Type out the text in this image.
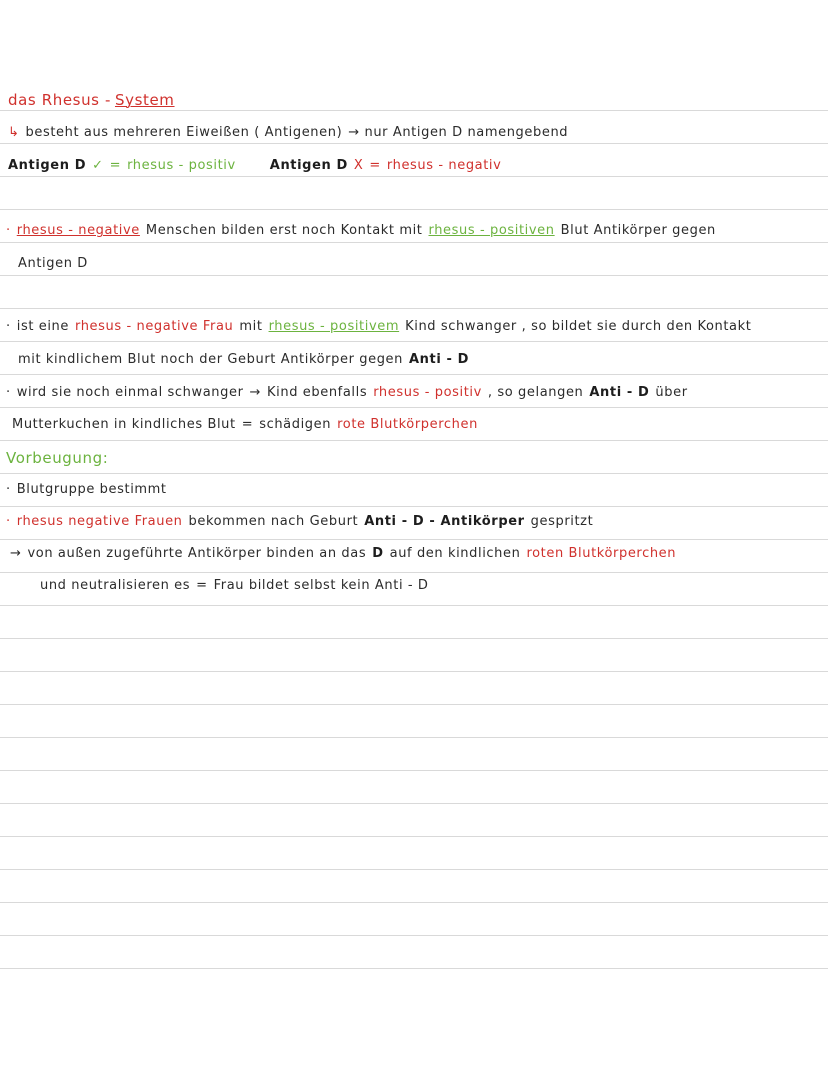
das Rhesus - System
↳ besteht aus mehreren Eiweißen ( Antigenen) → nur Antigen D namengebend
Antigen D ✓ = rhesus - positiv	Antigen D X = rhesus - negativ
· rhesus - negative Menschen bilden erst noch Kontakt mit rhesus - positiven Blut Antikörper gegen
Antigen D
· ist eine rhesus - negative Frau mit rhesus - positivem Kind schwanger , so bildet sie durch den Kontakt
mit kindlichem Blut noch der Geburt Antikörper gegen Anti - D
· wird sie noch einmal schwanger → Kind ebenfalls rhesus - positiv , so gelangen Anti - D über
Mutterkuchen in kindliches Blut = schädigen rote Blutkörperchen
Vorbeugung:
· Blutgruppe bestimmt
· rhesus negative Frauen bekommen nach Geburt Anti - D - Antikörper gespritzt
→ von außen zugeführte Antikörper binden an das D auf den kindlichen roten Blutkörperchen
und neutralisieren es = Frau bildet selbst kein Anti - D
